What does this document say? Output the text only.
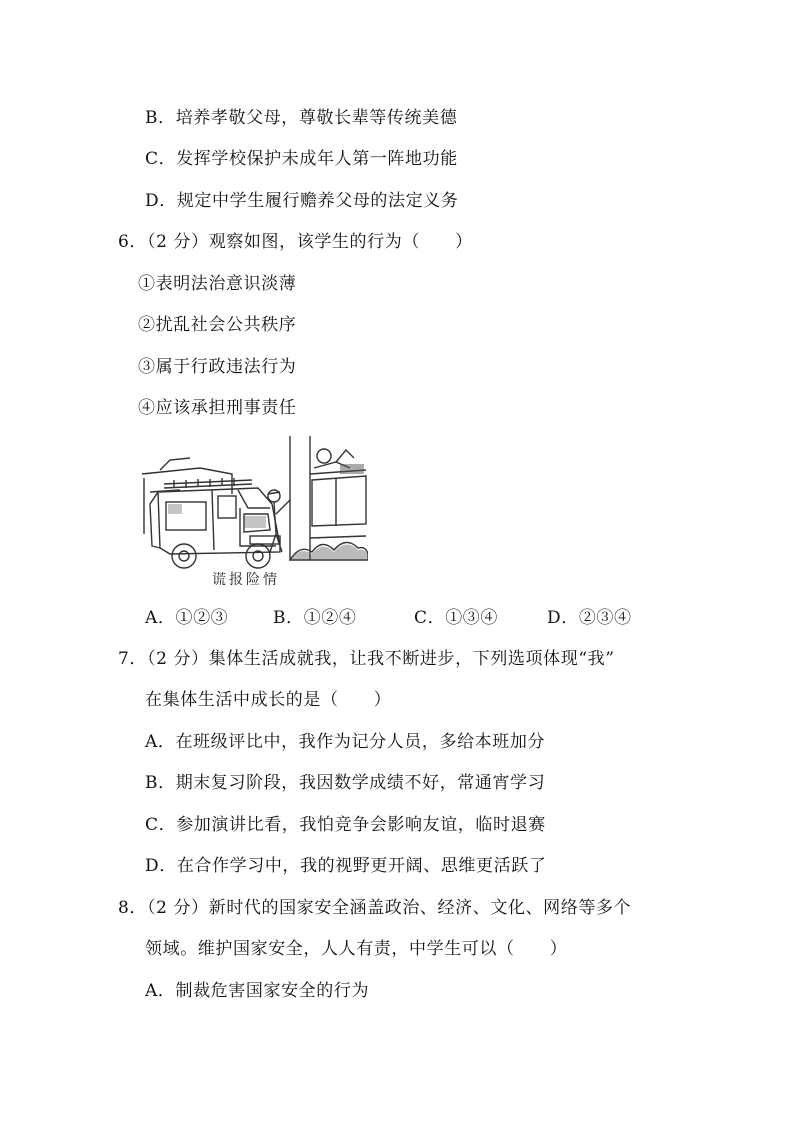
B．培养孝敬父母，尊敬长辈等传统美德
C．发挥学校保护未成年人第一阵地功能
D．规定中学生履行赡养父母的法定义务
6．（2 分）观察如图，该学生的行为（　　）
①表明法治意识淡薄
②扰乱社会公共秩序
③属于行政违法行为
④应该承担刑事责任
谎报险情
A．①②③	B．①②④	C．①③④	D．②③④
7．（2 分）集体生活成就我，让我不断进步，下列选项体现“我”
在集体生活中成长的是（　　）
A．在班级评比中，我作为记分人员，多给本班加分
B．期末复习阶段，我因数学成绩不好，常通宵学习
C．参加演讲比看，我怕竞争会影响友谊，临时退赛
D．在合作学习中，我的视野更开阔、思维更活跃了
8．（2 分）新时代的国家安全涵盖政治、经济、文化、网络等多个
领域。维护国家安全，人人有责，中学生可以（　　）
A．制裁危害国家安全的行为
